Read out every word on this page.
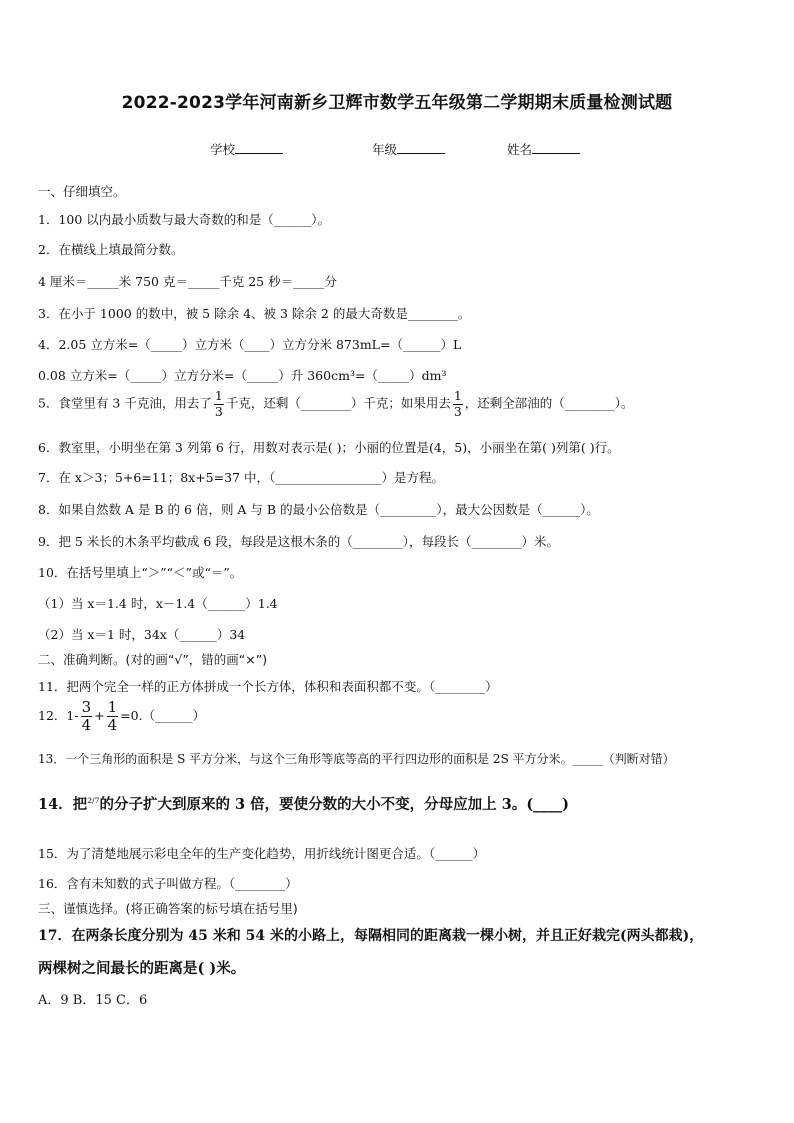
2022-2023学年河南新乡卫辉市数学五年级第二学期期末质量检测试题
学校	年级	姓名
一、仔细填空。
1．100 以内最小质数与最大奇数的和是（______）。
2．在横线上填最简分数。
4 厘米＝_____米 750 克＝_____千克 25 秒＝_____分
3．在小于 1000 的数中，被 5 除余 4、被 3 除余 2 的最大奇数是________。
4．2.05 立方米=（_____）立方米（____）立方分米 873mL=（______）L
0.08 立方米=（_____）立方分米=（_____）升 360cm³=（_____）dm³
5．食堂里有 3 千克油，用去了 $\frac{1}{3}$ 千克，还剩（________）千克；如果用去 $\frac{1}{3}$ ，还剩全部油的（________）。
6．教室里，小明坐在第 3 列第 6 行，用数对表示是( )；小丽的位置是(4，5)，小丽坐在第( )列第( )行。
7．在 x＞3；5+6=11；8x+5=37 中，（_________________）是方程。
8．如果自然数 A 是 B 的 6 倍，则 A 与 B 的最小公倍数是（_________），最大公因数是（______）。
9．把 5 米长的木条平均截成 6 段，每段是这根木条的（________），每段长（________）米。
10．在括号里填上“＞”“＜”或“＝”。
（1）当 x＝1.4 时，x－1.4（______）1.4
（2）当 x＝1 时，34x（______）34
二、准确判断。(对的画“√”，错的画“×”)
11．把两个完全一样的正方体拼成一个长方体，体积和表面积都不变。（________）
12．$1- \frac{3}{4} + \frac{1}{4}$ =0.（______）
13．一个三角形的面积是 S 平方分米，与这个三角形等底等高的平行四边形的面积是 2S 平方分米。_____（判断对错）
14．把2/7的分子扩大到原来的 3 倍，要使分数的大小不变，分母应加上 3。(____)
15．为了清楚地展示彩电全年的生产变化趋势，用折线统计图更合适。（______）
16．含有未知数的式子叫做方程。（________）
三、谨慎选择。(将正确答案的标号填在括号里)
17．在两条长度分别为 45 米和 54 米的小路上，每隔相同的距离栽一棵小树，并且正好栽完(两头都栽)，
两棵树之间最长的距离是( )米。
A．9 B．15 C．6
